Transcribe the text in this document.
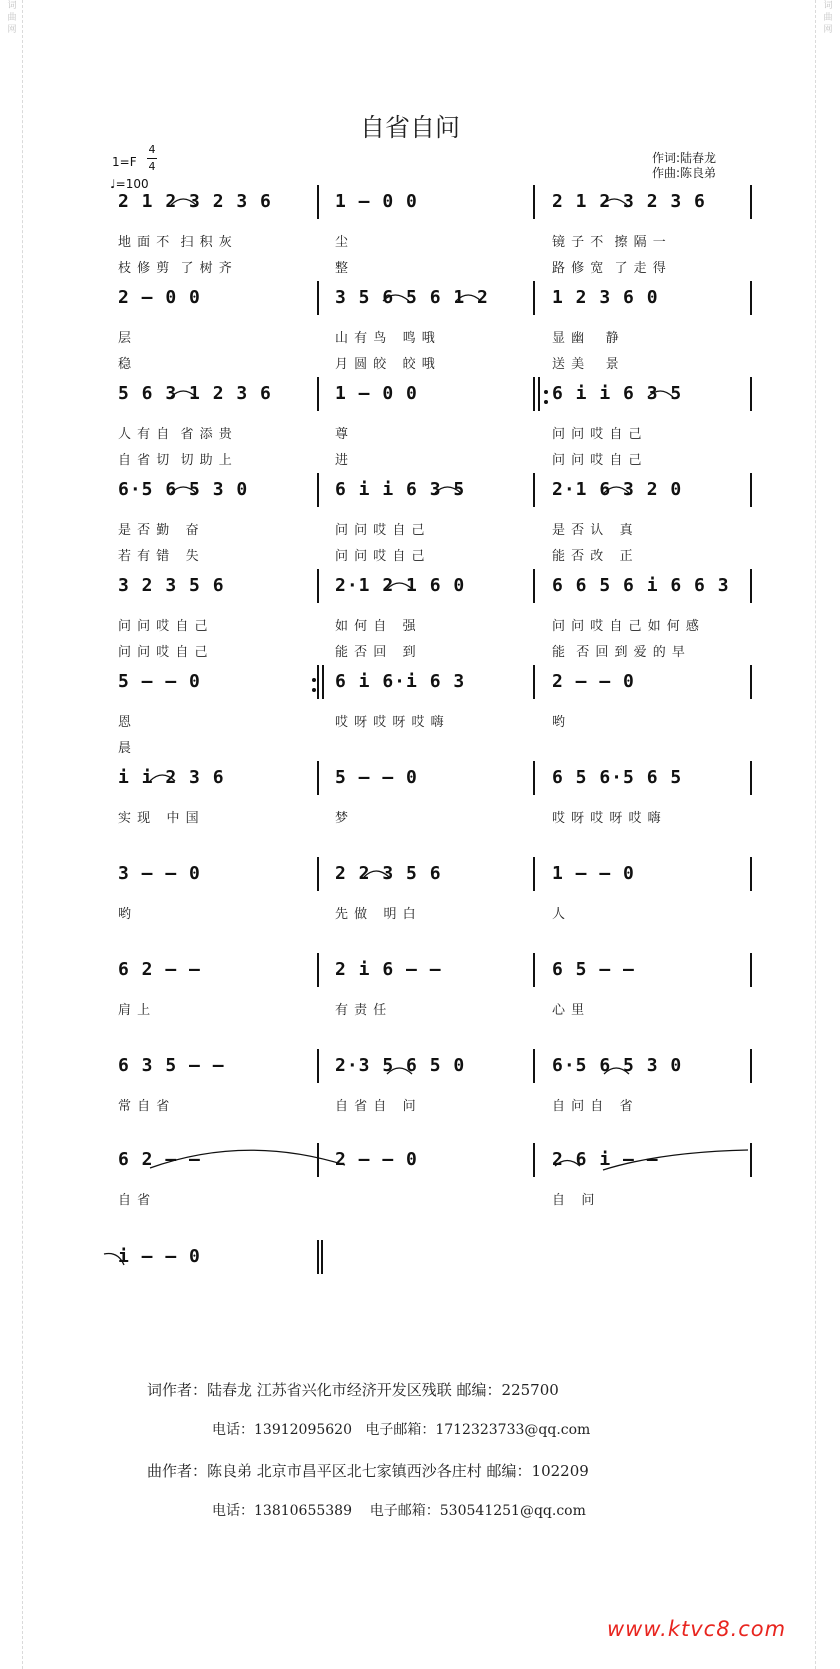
词
曲
网
词
曲
网
自省自问
1=F
4
4
♩=100
作词:陆春龙
作曲:陈良弟
2 1 2 3 2 3 6	1 – 0 0	2 1 2 3 2 3 6
地 面 不  扫 积 灰	尘	镜 子 不  擦 隔 一
枝 修 剪  了 树 齐	整	路 修 宽  了 走 得
2 – 0 0	3 5 6 5 6 1 2	1 2 3 6 0
层	山 有 鸟   鸣 哦	显 幽    静
稳	月 圆 皎   皎 哦	送 美    景
5 6 3 1 2 3 6	1 – 0 0	6 i i 6 3 5
人 有 自  省 添 贵	尊	问 问 哎 自 己
自 省 切  切 助 上	进	问 问 哎 自 己
6·5 6 5 3 0	6 i i 6 3 5	2·1 6 3 2 0
是 否 勤   奋	问 问 哎 自 己	是 否 认   真
若 有 错   失	问 问 哎 自 己	能 否 改   正
3 2 3 5 6	2·1 2 1 6 0	6 6 5 6 i 6 6 3
问 问 哎 自 己	如 何 自   强	问 问 哎 自 己 如 何 感
问 问 哎 自 己	能 否 回   到	能  否 回 到 爱 的 早
5 – – 0	6 i 6·i 6 3	2 – – 0
恩	哎 呀 哎 呀 哎 嗨	哟
晨
i i 2 3 6	5 – – 0	6 5 6·5 6 5
实 现   中 国	梦	哎 呀 哎 呀 哎 嗨
3 – – 0	2 2 3 5 6	1 – – 0
哟	先 做   明 白	人
6 2 – –	2 i 6 – –	6 5 – –
肩 上	有 责 任	心 里
6 3 5 – –	2·3 5 6 5 0	6·5 6 5 3 0
常 自 省	自 省 自   问	自 问 自   省
6 2 – –	2 – – 0	2 6 i – –
自 省	自   问
i – – 0
词作者：陆春龙 江苏省兴化市经济开发区残联 邮编：225700
电话：13912095620   电子邮箱：1712323733@qq.com
曲作者：陈良弟 北京市昌平区北七家镇西沙各庄村 邮编：102209
电话：13810655389    电子邮箱：530541251@qq.com
www.ktvc8.com
